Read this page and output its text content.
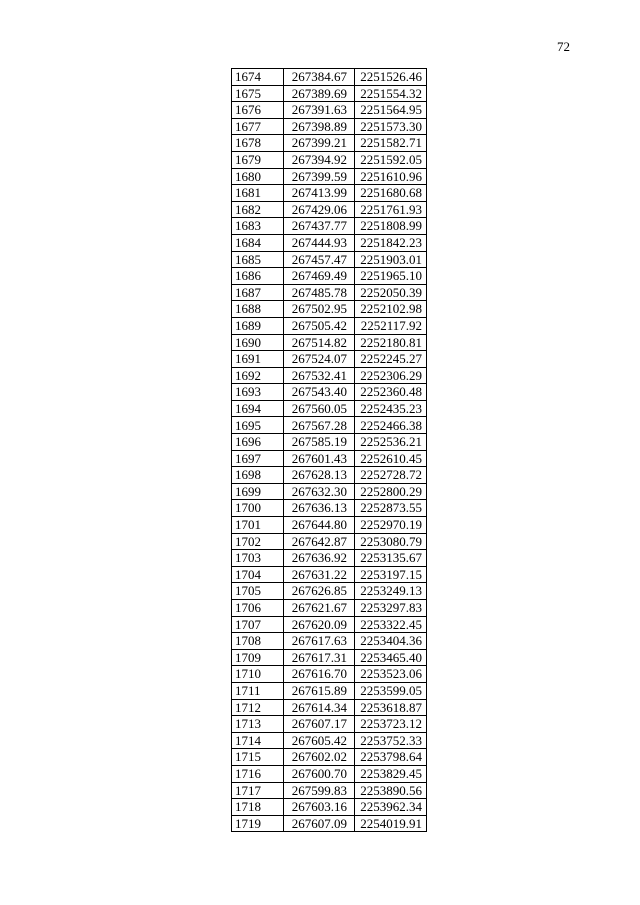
72
1674	267384.67	2251526.46
1675	267389.69	2251554.32
1676	267391.63	2251564.95
1677	267398.89	2251573.30
1678	267399.21	2251582.71
1679	267394.92	2251592.05
1680	267399.59	2251610.96
1681	267413.99	2251680.68
1682	267429.06	2251761.93
1683	267437.77	2251808.99
1684	267444.93	2251842.23
1685	267457.47	2251903.01
1686	267469.49	2251965.10
1687	267485.78	2252050.39
1688	267502.95	2252102.98
1689	267505.42	2252117.92
1690	267514.82	2252180.81
1691	267524.07	2252245.27
1692	267532.41	2252306.29
1693	267543.40	2252360.48
1694	267560.05	2252435.23
1695	267567.28	2252466.38
1696	267585.19	2252536.21
1697	267601.43	2252610.45
1698	267628.13	2252728.72
1699	267632.30	2252800.29
1700	267636.13	2252873.55
1701	267644.80	2252970.19
1702	267642.87	2253080.79
1703	267636.92	2253135.67
1704	267631.22	2253197.15
1705	267626.85	2253249.13
1706	267621.67	2253297.83
1707	267620.09	2253322.45
1708	267617.63	2253404.36
1709	267617.31	2253465.40
1710	267616.70	2253523.06
1711	267615.89	2253599.05
1712	267614.34	2253618.87
1713	267607.17	2253723.12
1714	267605.42	2253752.33
1715	267602.02	2253798.64
1716	267600.70	2253829.45
1717	267599.83	2253890.56
1718	267603.16	2253962.34
1719	267607.09	2254019.91
